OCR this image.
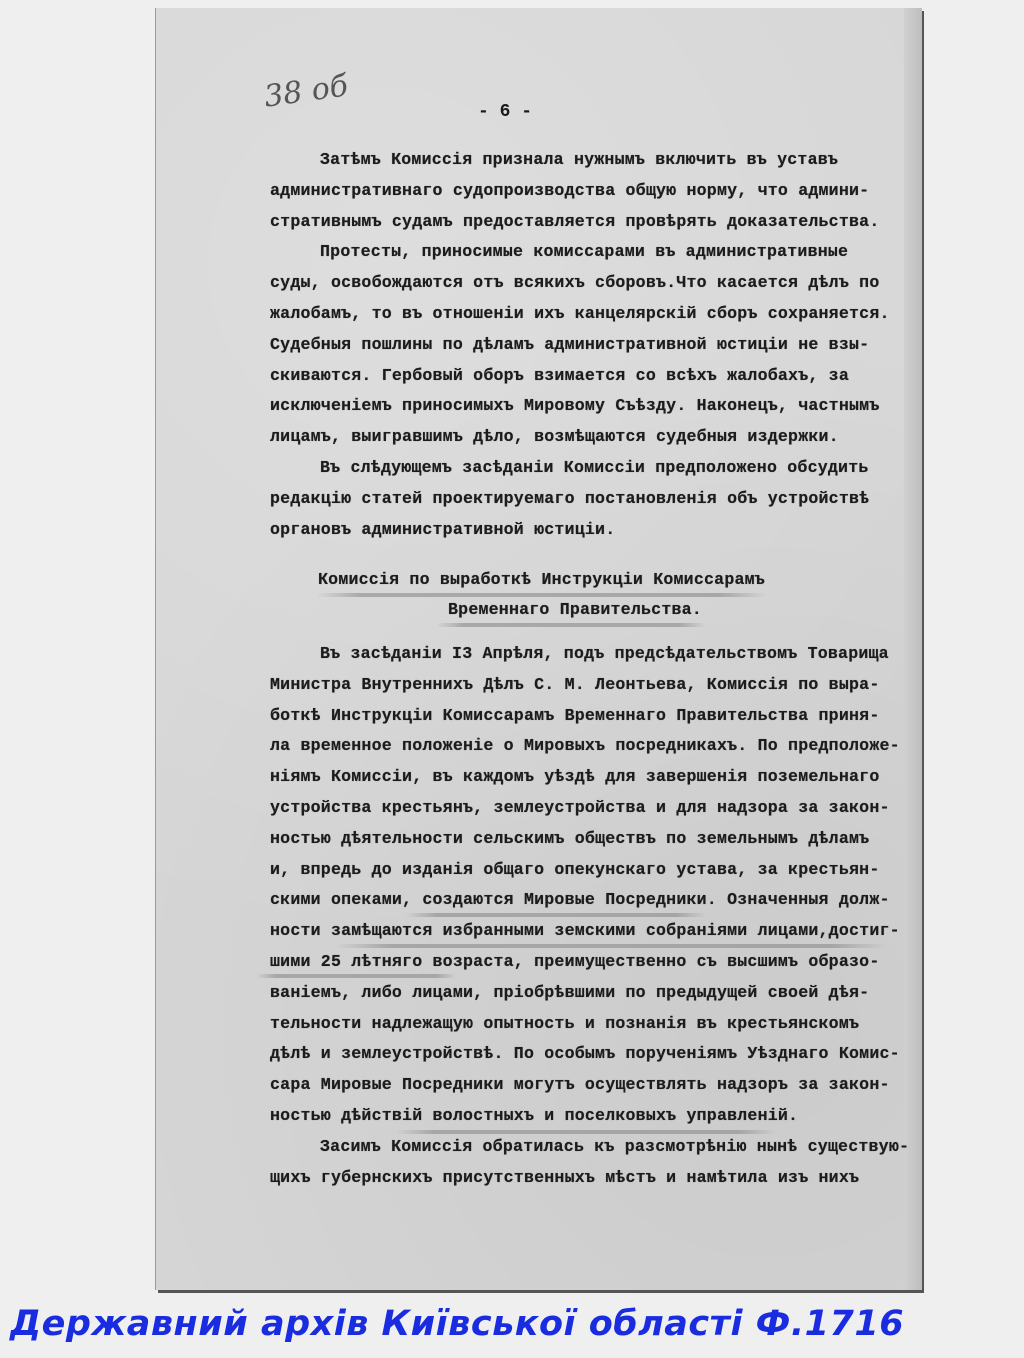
38 об	- 6 -
Затѣмъ Комиссія признала нужнымъ включить въ уставъ
административнаго судопроизводства общую норму, что админи-
стративнымъ судамъ предоставляется провѣрять доказательства.
Протесты, приносимые комиссарами въ административные
суды, освобождаются отъ всякихъ сборовъ.Что касается дѣлъ по
жалобамъ, то въ отношеніи ихъ канцелярскій сборъ сохраняется.
Судебныя пошлины по дѣламъ административной юстиціи не взы-
скиваются. Гербовый оборъ взимается со всѣхъ жалобахъ, за
исключеніемъ приносимыхъ Мировому Съѣзду. Наконецъ, частнымъ
лицамъ, выигравшимъ дѣло, возмѣщаются судебныя издержки.
Въ слѣдующемъ засѣданіи Комиссіи предположено обсудить
редакцію статей проектируемаго постановленія объ устройствѣ
органовъ административной юстиціи.
Комиссія по выработкѣ Инструкціи Комиссарамъ
Временнаго Правительства.
Въ засѣданіи I3 Апрѣля, подъ предсѣдательствомъ Товарища
Министра Внутреннихъ Дѣлъ С. М. Леонтьева, Комиссія по выра-
боткѣ Инструкціи Комиссарамъ Временнаго Правительства приня-
ла временное положеніе о Мировыхъ посредникахъ. По предположе-
ніямъ Комиссіи, въ каждомъ уѣздѣ для завершенія поземельнаго
устройства крестьянъ, землеустройства и для надзора за закон-
ностью дѣятельности сельскимъ обществъ по земельнымъ дѣламъ
и, впредь до изданія общаго опекунскаго устава, за крестьян-
скими опеками, создаются Мировые Посредники. Означенныя долж-
ности замѣщаются избранными земскими собраніями лицами,достиг-
шими 25 лѣтняго возраста, преимущественно съ высшимъ образо-
ваніемъ, либо лицами, пріобрѣвшими по предыдущей своей дѣя-
тельности надлежащую опытность и познанія въ крестьянскомъ
дѣлѣ и землеустройствѣ. По особымъ порученіямъ Уѣзднаго Комис-
сара Мировые Посредники могутъ осуществлять надзоръ за закон-
ностью дѣйствій волостныхъ и поселковыхъ управленій.
Засимъ Комиссія обратилась къ разсмотрѣнію нынѣ существую-
щихъ губернскихъ присутственныхъ мѣстъ и намѣтила изъ нихъ
Державний архів Київської області Ф.1716
